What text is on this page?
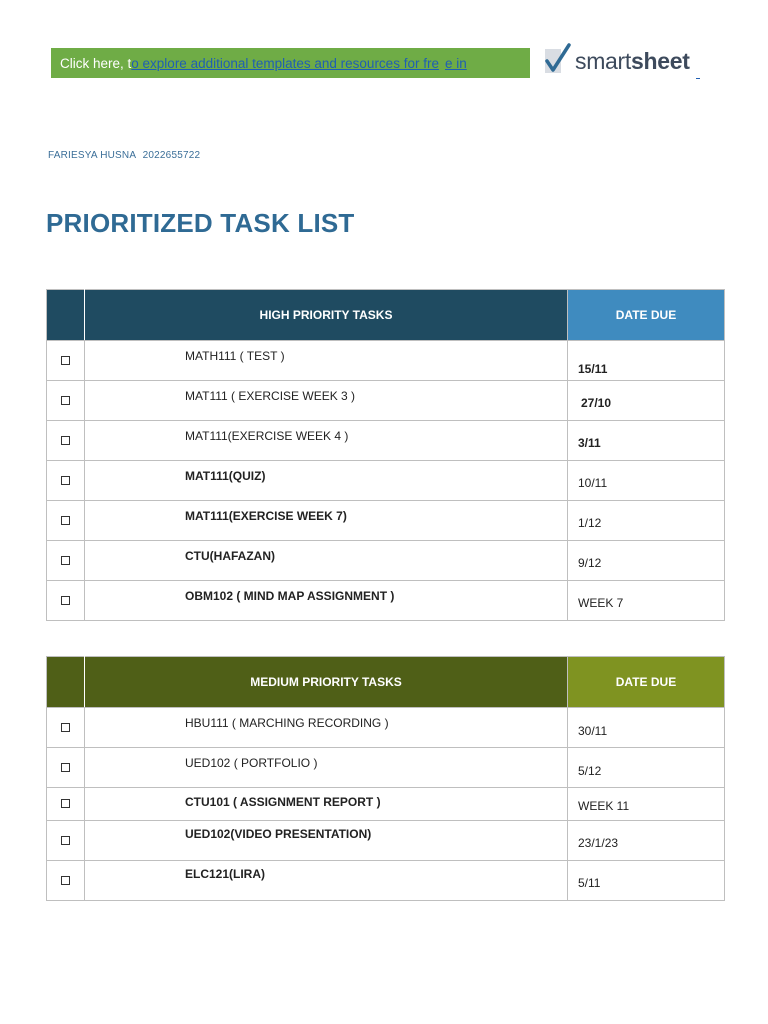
Click here, t o explore additional templates and resources for fre e in	smartsheet
FARIESYA HUSNA 2022655722
PRIORITIZED TASK LIST
	HIGH PRIORITY TASKS	DATE DUE
	MATH111 ( TEST )	15/11
	MAT111 ( EXERCISE WEEK 3 )	27/10
	MAT111(EXERCISE WEEK 4 )	3/11
	MAT111(QUIZ)	10/11
	MAT111(EXERCISE WEEK 7)	1/12
	CTU(HAFAZAN)	9/12
	OBM102 ( MIND MAP ASSIGNMENT )	WEEK 7
	MEDIUM PRIORITY TASKS	DATE DUE
	HBU111 ( MARCHING RECORDING )	30/11
	UED102 ( PORTFOLIO )	5/12
	CTU101 ( ASSIGNMENT REPORT )	WEEK 11
	UED102(VIDEO PRESENTATION)	23/1/23
	ELC121(LIRA)	5/11
